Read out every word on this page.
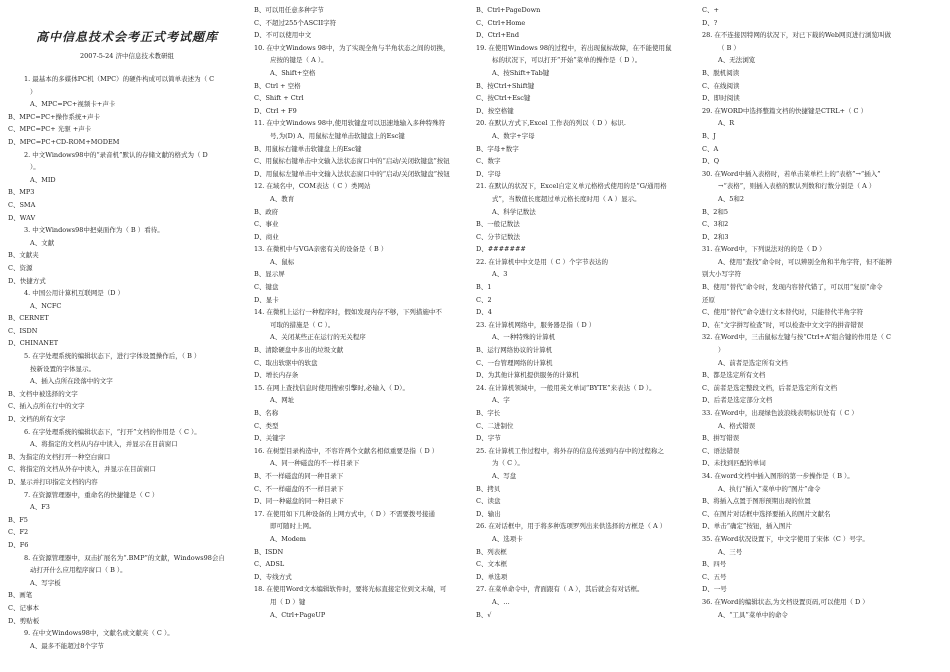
高中信息技术会考正式考试题库
2007-5-24 济中信息技术教研组
1. 最基本的多媒体PC机（MPC）的硬件构成可以简单表述为（ C
）
A、MPC=PC+视频卡+声卡
B、MPC=PC+操作系统+声卡
C、MPC=PC+ 光驱 +声卡
D、MPC=PC+CD-ROM+MODEM
2. 中文Windows98中的“录音机”默认的存储文献的格式为（ D
）。
A、MID
B、MP3
C、SMA
D、WAV
3. 中文Windows98中把桌面作为（ B ）看待。
A、文献
B、文献夹
C、资源
D、快捷方式
4. 中国公用计算机互联网是（D ）
A、NCFC
B、CERNET
C、ISDN
D、CHINANET
5. 在字处理系统的编辑状态下，进行字体设置操作后，（ B ）
按新设置的字体显示。
A、插入点所在段落中的文字
B、文档中被选择的文字
C、插入点所在行中的文字
D、文档的所有文字
6. 在字处理系统的编辑状态下，“打开”文档的作用是（ C ）。
A、将指定的文档从内存中读入，并显示在目前窗口
B、为指定的文档打开一种空白窗口
C、将指定的文档从外存中读入，并显示在目前窗口
D、显示并打印指定文档的内容
7. 在资源管理器中，重命名的快捷键是（ C ）
A、F3
B、F5
C、F2
D、F6
8. 在资源管理器中，双击扩展名为“.BMP”的文献，Windows98会自
动打开什么应用程序窗口（ B ）。
A、写字板
B、画笔
C、记事本
D、剪贴板
9. 在中文Windows98中，文献名或文献夹（ C ）。
A、最多不能超过8个字节
B、可以用任意多种字节
C、不超过255个ASCII字符
D、不可以使用中文
10. 在中文Windows 98中，为了实现全角与半角状态之间的切换，
应按的键是（ A ）。
A、Shift+空格
B、Ctrl + 空格
C、Shift + Ctrl
D、Ctrl + F9
11. 在中文Windows 98中,使用软键盘可以迅速地输入多种特殊符
号,为(D) A、用鼠标左键单击软键盘上的Esc键
B、用鼠标右键单击软键盘上的Esc键
C、用鼠标右键单击中文输入法状态窗口中的“启动/关闭软键盘”按钮
D、用鼠标左键单击中文输入法状态窗口中的“启动/关闭软键盘”按钮
12. 在域名中，COM表达（ C ）类网站
A、教育
B、政府
C、事业
D、商业
13. 在微机中与VGA亲密有关的设备是（ B ）
A、鼠标
B、显示屏
C、键盘
D、显卡
14. 在微机上运行一种程序时，假如发现内存不够，下列措施中不
可取的措施是（ C ）。
A、关闭某些正在运行的无关程序
B、清除硬盘中多出的垃圾文献
C、取出软驱中的软盘
D、增长内存条
15. 在网上查找信息时使用搜索引擎时,必输入（ D）。
A、网址
B、名称
C、类型
D、关键字
16. 在树型目录构造中，不容许两个文献名相似重要是指（ D ）
A、同一种磁盘的不一样目录下
B、不一样磁盘的同一种目录下
C、不一样磁盘的不一样目录下
D、同一种磁盘的同一种目录下
17. 在使用如下几种设备的上网方式中，（ D ）不需要拨号接通
即可随时上网。
A、Modem
B、ISDN
C、ADSL
D、专线方式
18. 在使用Word文本编辑软件时，要将光标直接定位到文末端，可
用（ D ）键
A、Ctrl+PageUP
B、Ctrl+PageDown
C、Ctrl+Home
D、Ctrl+End
19. 在使用Windows 98的过程中，若出现鼠标故障，在不能使用鼠
标的状况下，可以打开“开始”菜单的操作是（ D ）。
A、按Shift+Tab键
B、按Ctrl+Shift键
C、按Ctrl+Esc键
D、按空格键
20. 在默认方式下,Excel 工作表的列以（ D ）标识.
A、数字+字母
B、字母+数字
C、数字
D、字母
21. 在默认的状况下，Excel自定义单元格格式使用的是“G/通用格
式”，当数值长度超过单元格长度时用（ A ）显示。
A、科学记数法
B、一般记数法
C、分节记数法
D、#######
22. 在计算机中中文是用（ C ）个字节表达的
A、3
B、1
C、2
D、4
23. 在计算机网络中，服务器是指（ D ）
A、一种特殊的计算机
B、运行网络协议的计算机
C、一台管理网络的计算机
D、为其他计算机提供服务的计算机
24. 在计算机领域中，一般用英文单词“BYTE”来表达（ D ）。
A、字
B、字长
C、二进制位
D、字节
25. 在计算机工作过程中，将外存的信息传送到内存中的过程称之
为（ C ）。
A、写盘
B、拷贝
C、读盘
D、输出
26. 在对话框中，用于将多种选项罗列出来供选择的方框是（ A ）
A、选项卡
B、列表框
C、文本框
D、单选项
27. 在菜单命令中，背面跟有（ A ），其后就会有对话框。
A、…
B、√
C、+
D、?
28. 在不连接因特网的状况下，对已下载的Web网页进行浏览叫做
（ B ）
A、无法浏览
B、脱机阅读
C、在线阅读
D、即时阅读
29. 在WORD中选择整篇文档的快捷键是CTRL+（ C ）
A、R
B、J
C、A
D、Q
30. 在Word中插入表格时，若单击菜单栏上的“表格”→“插入”
→“表格”，则插入表格的默认列数和行数分别是（ A ）
A、5和2
B、2和5
C、3和2
D、2和3
31. 在Word中，下列说法对的的是（ D ）
A、使用“查找”命令时，可以辨别全角和半角字符，但不能辨
别大小写字符
B、使用“替代”命令时，发现内容替代错了，可以用“复原”命令
还原
C、使用“替代”命令进行文本替代时，只能替代半角字符
D、在“文字拼写检查”时，可以检查中文文字的拼音错误
32. 在Word中，三击鼠标左键与按“Ctrl+A”组合键的作用是（ C
）
A、前者是选定所有文档
B、都是选定所有文档
C、前者是选定整段文档，后者是选定所有文档
D、后者是选定部分文档
33. 在Word中，出现绿色波浪线表明标识处有（ C ）
A、格式错误
B、拼写错误
C、语法错误
D、未找到匹配的单词
34. 在word文档中插入图形的第一步操作是（ B ）。
A、执行“插入”菜单中的“图片”命令
B、将插入点置于图形预期出现的位置
C、在图片对话框中选择要插入的图片文献名
D、单击“确定”按钮，插入图片
35. 在Word状况设置下，中文字使用了宋体（C ）号字。
A、三号
B、四号
C、五号
D、一号
36. 在Word的编辑状态,为文档设置页码,可以使用（ D ）
A、“工具”菜单中的命令
